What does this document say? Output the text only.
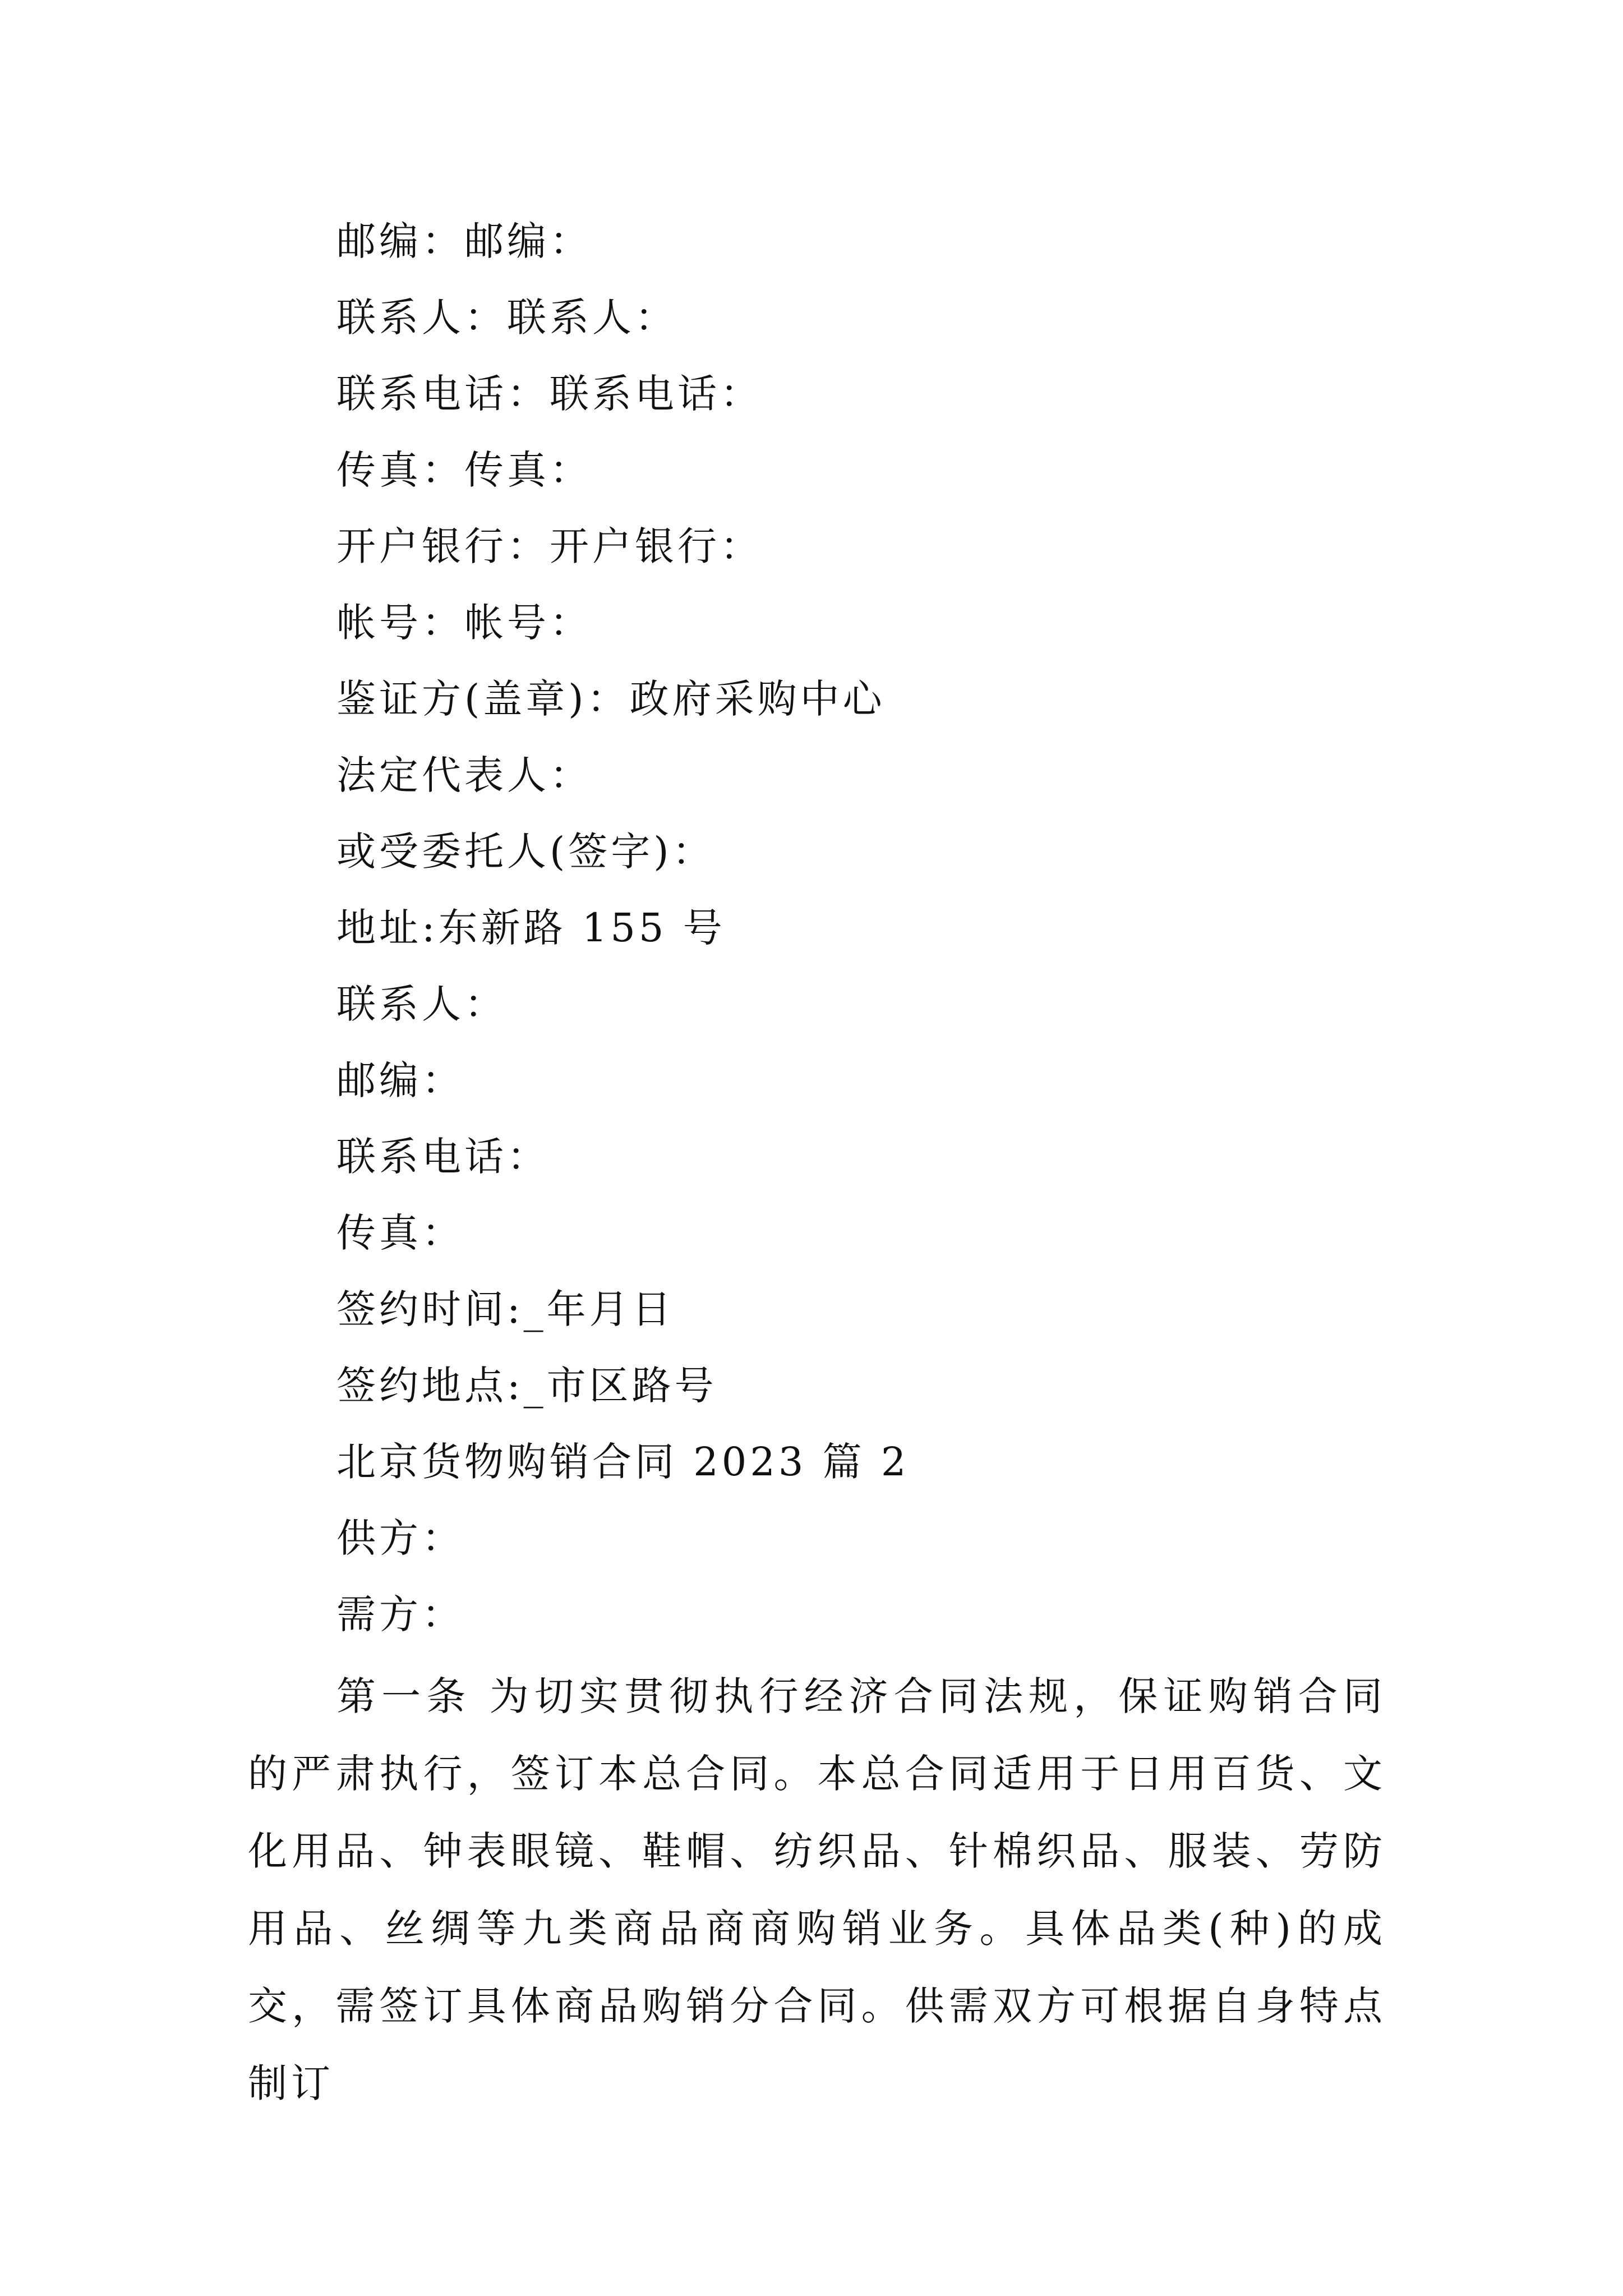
邮编：邮编：
联系人：联系人：
联系电话：联系电话：
传真：传真：
开户银行：开户银行：
帐号：帐号：
鉴证方(盖章)：政府采购中心
法定代表人：
或受委托人(签字)：
地址:东新路 155 号
联系人：
邮编：
联系电话：
传真：
签约时间:_年月日
签约地点:_市区路号
北京货物购销合同 2023 篇 2
供方：
需方：

第一条 为切实贯彻执行经济合同法规，保证购销合同的严肃执行，签订本总合同。本总合同适用于日用百货、文化用品、钟表眼镜、鞋帽、纺织品、针棉织品、服装、劳防用品、丝绸等九类商品商商购销业务。具体品类(种)的成交，需签订具体商品购销分合同。供需双方可根据自身特点制订
